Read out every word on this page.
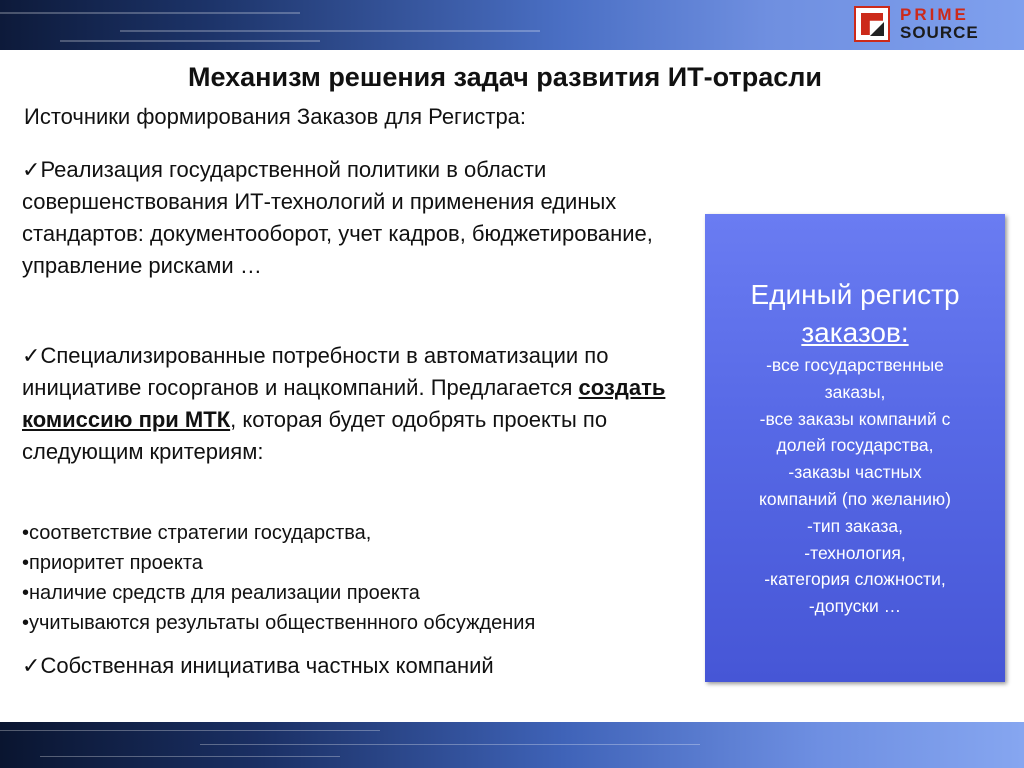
PRIME
SOURCE
Механизм решения задач развития ИТ-отрасли
Источники формирования Заказов для Регистра:
✓Реализация государственной политики в области совершенствования ИТ-технологий и применения единых стандартов: документооборот, учет кадров, бюджетирование, управление рисками …
✓Специализированные потребности в автоматизации по инициативе госорганов и нацкомпаний. Предлагается создать комиссию при МТК, которая будет одобрять проекты по следующим критериям:
•соответствие стратегии государства,
•приоритет проекта
•наличие средств для реализации проекта
•учитываются результаты общественнного обсуждения
✓Собственная инициатива частных компаний
Единый регистр
заказов:
-все государственные
заказы,
-все заказы компаний с
долей государства,
-заказы частных
компаний (по желанию)
-тип заказа,
-технология,
-категория сложности,
-допуски …
